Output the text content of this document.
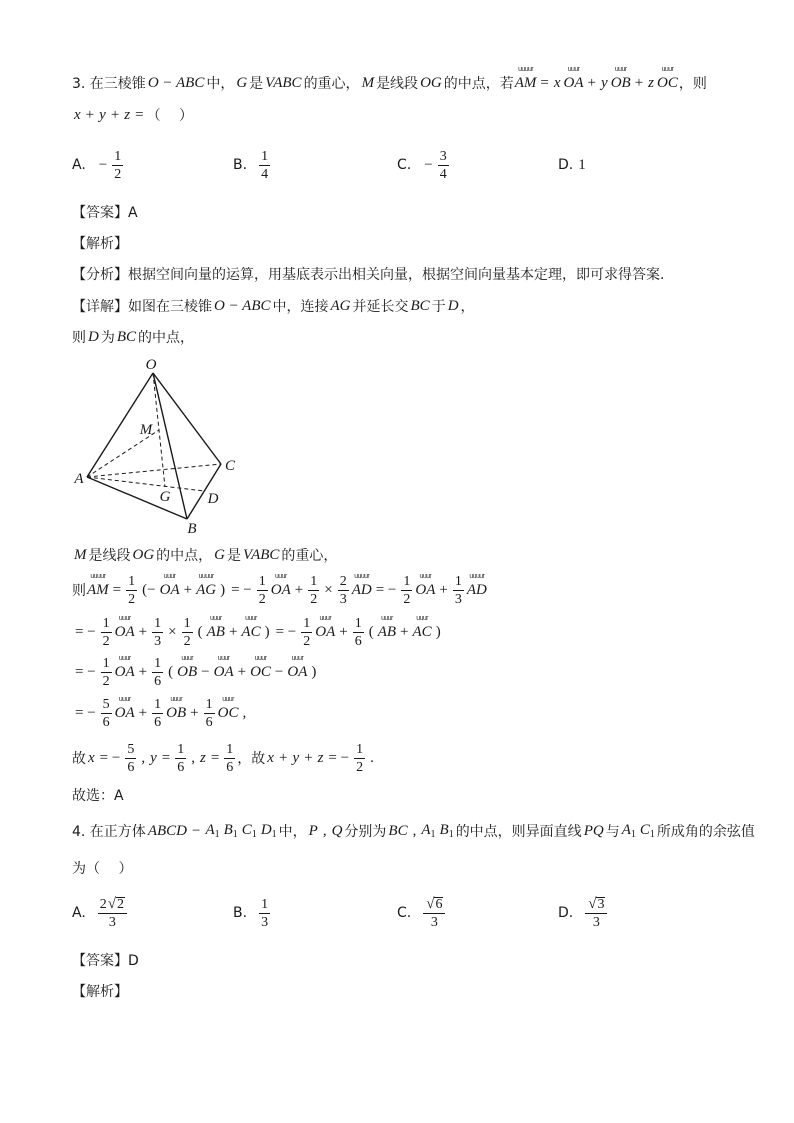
3. 在三棱锥 O − ABC 中， G 是 VABC 的重心， M 是线段 OG 的中点，若
uuuur
AM = x
uuur
OA + y
uuur
OB + z
uuur
OC ，则
x + y + z = （　 ）
A. − $\frac{1}{2}$	B. $\frac{1}{4}$	C. − $\frac{3}{4}$	D. 1
【答案】A
【解析】
【分析】根据空间向量的运算，用基底表示出相关向量，根据空间向量基本定理，即可求得答案.
【详解】如图在三棱锥 O − ABC 中，连接 AG 并延长交 BC 于 D ，
则 D 为 BC 的中点，
O
M
A
C
G D
B
M 是线段 OG 的中点， G 是 VABC 的重心，
则
uuuur
AM = $\frac{1}{2}$ (−
uuur
OA +
uuuur
AG ) = − $\frac{1}{2}$	uuur
OA + $\frac{1}{2} \times \frac{2}{3}$ uuuur
AD = − $\frac{1}{2}$	uuur
OA + $\frac{1}{3}$ uuuur
AD
= − $\frac{1}{2}$	uuur
OA + $\frac{1}{3} \times \frac{1}{2}$ (
uuur
AB +
uuur
AC ) = − $\frac{1}{2}$	uuur
OA + $\frac{1}{6}$ (
uuur
AB +
uuur
AC )
= − $\frac{1}{2}$	uuur
OA + $\frac{1}{6}$ (
uuur
OB −
uuur
OA +
uuur
OC −
uuur
OA )
= − $\frac{5}{6}$	uuur
OA + $\frac{1}{6}$	uuur
OB + $\frac{1}{6}$	uuur
OC ,
故 x = − $\frac{5}{6}$ , $y = \frac{1}{6}$ , $z = \frac{1}{6}$ ，故 x + y + z = − $\frac{1}{2}$ .
故选：A
4. 在正方体 ABCD − $A_1$ $B_1$ $C_1$ $D_1$ 中， P , Q 分别为 BC , $A_1$ $B_1$ 的中点，则异面直线 PQ 与 $A_1$ $C_1$ 所成角的余弦值
为（　 ）
A. $\frac{2 √ 2}{3}$	B. $\frac{1}{3}$	C. $\frac{√ 6}{3}$	D. $\frac{√ 3}{3}$
【答案】D
【解析】
